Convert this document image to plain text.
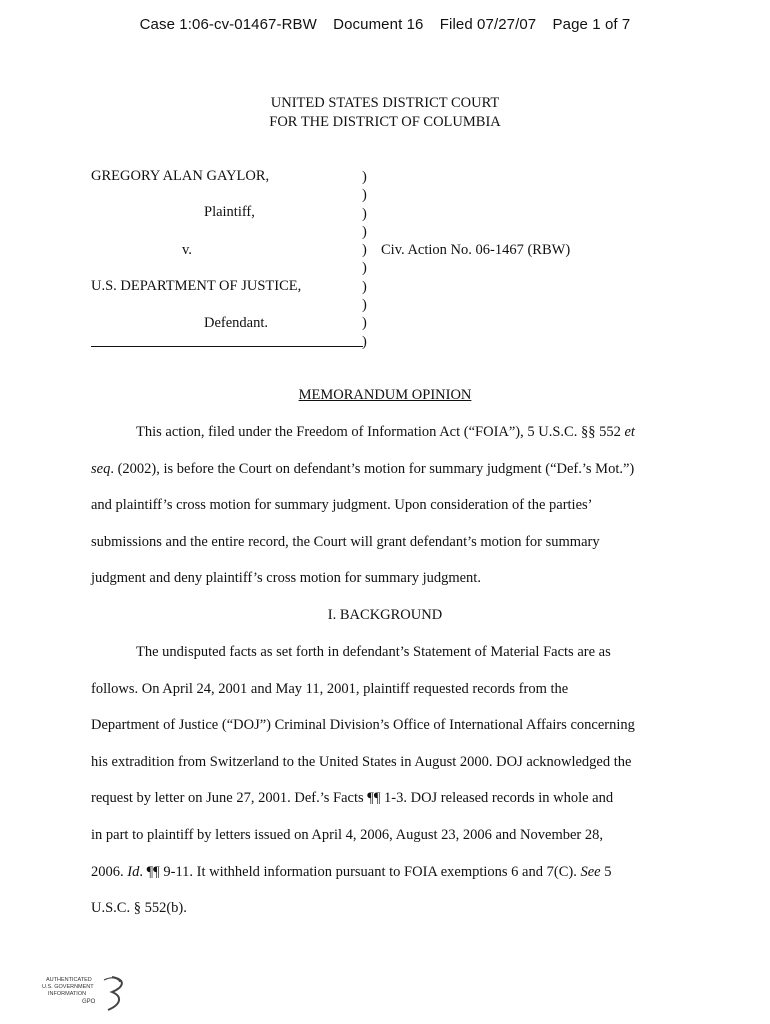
Case 1:06-cv-01467-RBW Document 16 Filed 07/27/07 Page 1 of 7
UNITED STATES DISTRICT COURT
FOR THE DISTRICT OF COLUMBIA
GREGORY ALAN GAYLOR,
Plaintiff,
v.
U.S. DEPARTMENT OF JUSTICE,
Defendant.
)
)
)
)
)
)
)
)
)
)
Civ. Action No. 06-1467 (RBW)
MEMORANDUM OPINION
This action, filed under the Freedom of Information Act (“FOIA”), 5 U.S.C. §§ 552 et
seq. (2002), is before the Court on defendant’s motion for summary judgment (“Def.’s Mot.”)
and plaintiff’s cross motion for summary judgment. Upon consideration of the parties’
submissions and the entire record, the Court will grant defendant’s motion for summary
judgment and deny plaintiff’s cross motion for summary judgment.
I. BACKGROUND
The undisputed facts as set forth in defendant’s Statement of Material Facts are as
follows. On April 24, 2001 and May 11, 2001, plaintiff requested records from the
Department of Justice (“DOJ”) Criminal Division’s Office of International Affairs concerning
his extradition from Switzerland to the United States in August 2000. DOJ acknowledged the
request by letter on June 27, 2001. Def.’s Facts ¶¶ 1-3. DOJ released records in whole and
in part to plaintiff by letters issued on April 4, 2006, August 23, 2006 and November 28,
2006. Id. ¶¶ 9-11. It withheld information pursuant to FOIA exemptions 6 and 7(C). See 5
U.S.C. § 552(b).
AUTHENTICATED
U.S. GOVERNMENT
INFORMATION
GPO
